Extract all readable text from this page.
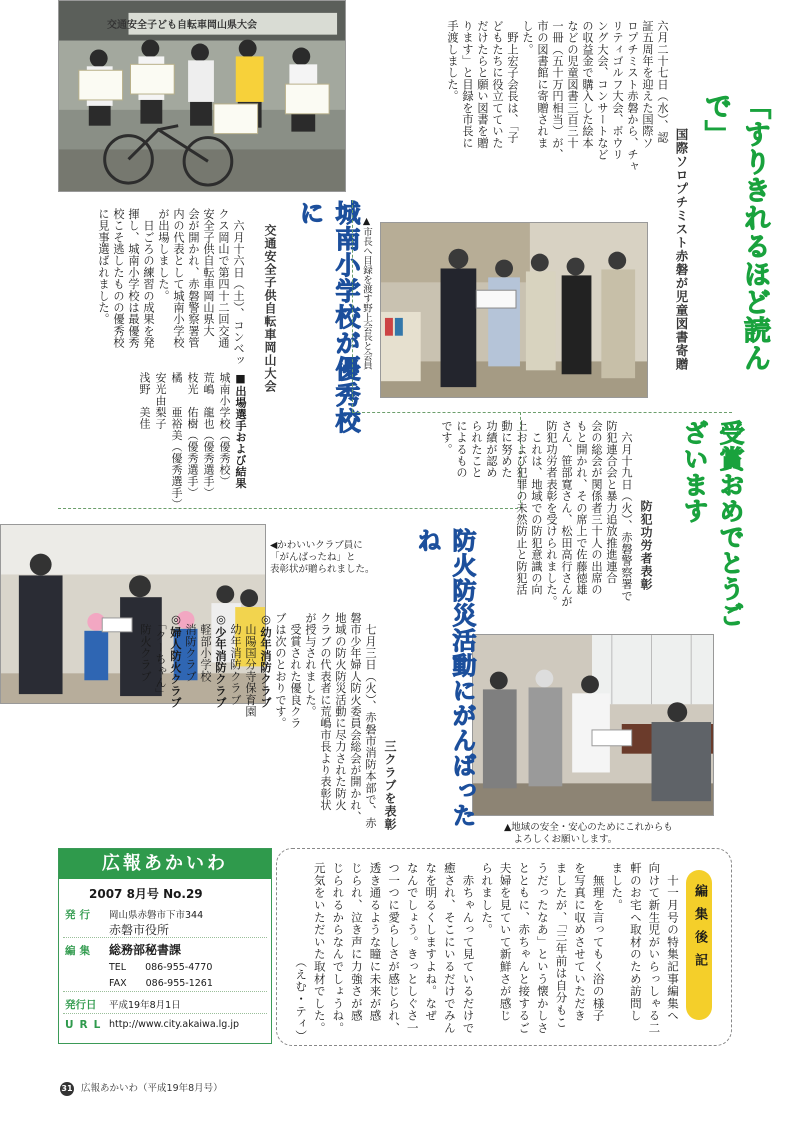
交通安全子ども自転車岡山県大会
「すりきれるほど読んで」
国際ソロプチミスト赤磐が児童図書寄贈
六月二十七日（水）、認
証五周年を迎えた国際ソ
ロプチミスト赤磐から、チャ
リティゴルフ大会、ボウリ
ング大会、コンサートなど
の収益金で購入した絵本
などの児童図書三百三十
一冊（五十万円相当）が、
市の図書館に寄贈されま
した。
　野上宏子会長は、「子
どもたちに役立てていた
だけたらと願い図書を贈
ります」と目録を市長に
手渡しました。
▲市長へ目録を渡す野上会長と会員
城南小学校が優秀校に
交通安全子供自転車岡山大会
　六月十六日（土）、コンベッ
クス岡山で第四十二回交通
安全子供自転車岡山県大
会が開かれ、赤磐警察署管
内の代表として城南小学校
が出場しました。
　日ごろの練習の成果を発
揮し、城南小学校は最優秀
校こそ逃したものの優秀校
に見事選ばれました。
■出場選手および結果
城南小学校（優秀校）
荒嶋　龍也（優秀選手）
枝光　佑樹（優秀選手）
橘　　亜裕美（優秀選手）
安光由梨子
浅野　美佳
受賞おめでとうございます
防犯功労者表彰
　六月十九日（火）、赤磐警察署で
防犯連合会と暴力追放推進連合
会の総会が関係者三十人の出席の
もと開かれ、その席上で佐藤徳雄
さん、笹部寛さん、松田高行さんが
防犯功労者表彰を受けられました。
　これは、地域での防犯意識の向
上および犯罪の未然防止と防犯活
動に努めた
功績が認め
られたこと
によるもの
です。
▲地域の安全・安心のためにこれからも
　よろしくお願いします。
◀かわいいクラブ員に
「がんばったね」と
表彰状が贈られました。	防火防災活動にがんばったね
三クラブを表彰
　七月三日（火）、赤磐市消防本部で、赤
磐市少年婦人防火委員会総会が開かれ、
地域の防火防災活動に尽力された防火
クラブの代表者に荒嶋市長より表彰状
が授与されました。
　受賞された優良クラ
ブは次のとおりです。
◎幼年消防クラブ
　山陽国分寺保育園
　幼年消防クラブ
◎少年消防クラブ
　軽部小学校
　消防クラブ
◎婦人防火クラブ
　「クーちゃん」
　防火クラブ
広報あかいわ
2007 8月号 No.29
発行 岡山県赤磐市下市344
赤磐市役所
編集 総務部秘書課
TEL　　086-955-4770
FAX　　086-955-1261
発行日 平成19年8月1日
URL http://www.city.akaiwa.lg.jp
編集後記
　十一月号の特集記事編集へ
向けて新生児がいらっしゃる二
軒のお宅へ取材のため訪問し
ました。
　無理を言ってもく浴の様子
を写真に収めさせていただき
ましたが、「三年前は自分もこ
うだったなあ」という懐かしさ
とともに、赤ちゃんと接するご
夫婦を見ていて新鮮さが感じ
られました。
　赤ちゃんって見ているだけで
癒され、そこにいるだけでみん
なを明るくしますよね。なぜ
なんでしょう。きっとしぐさ一
つ一つに愛らしさが感じられ、
透き通るような瞳に未来が感
じられ、泣き声に力強さが感
じられるからなんでしょうね。
元気をいただいた取材でした。
（えむ・ティ）
31 広報あかいわ（平成19年8月号）
